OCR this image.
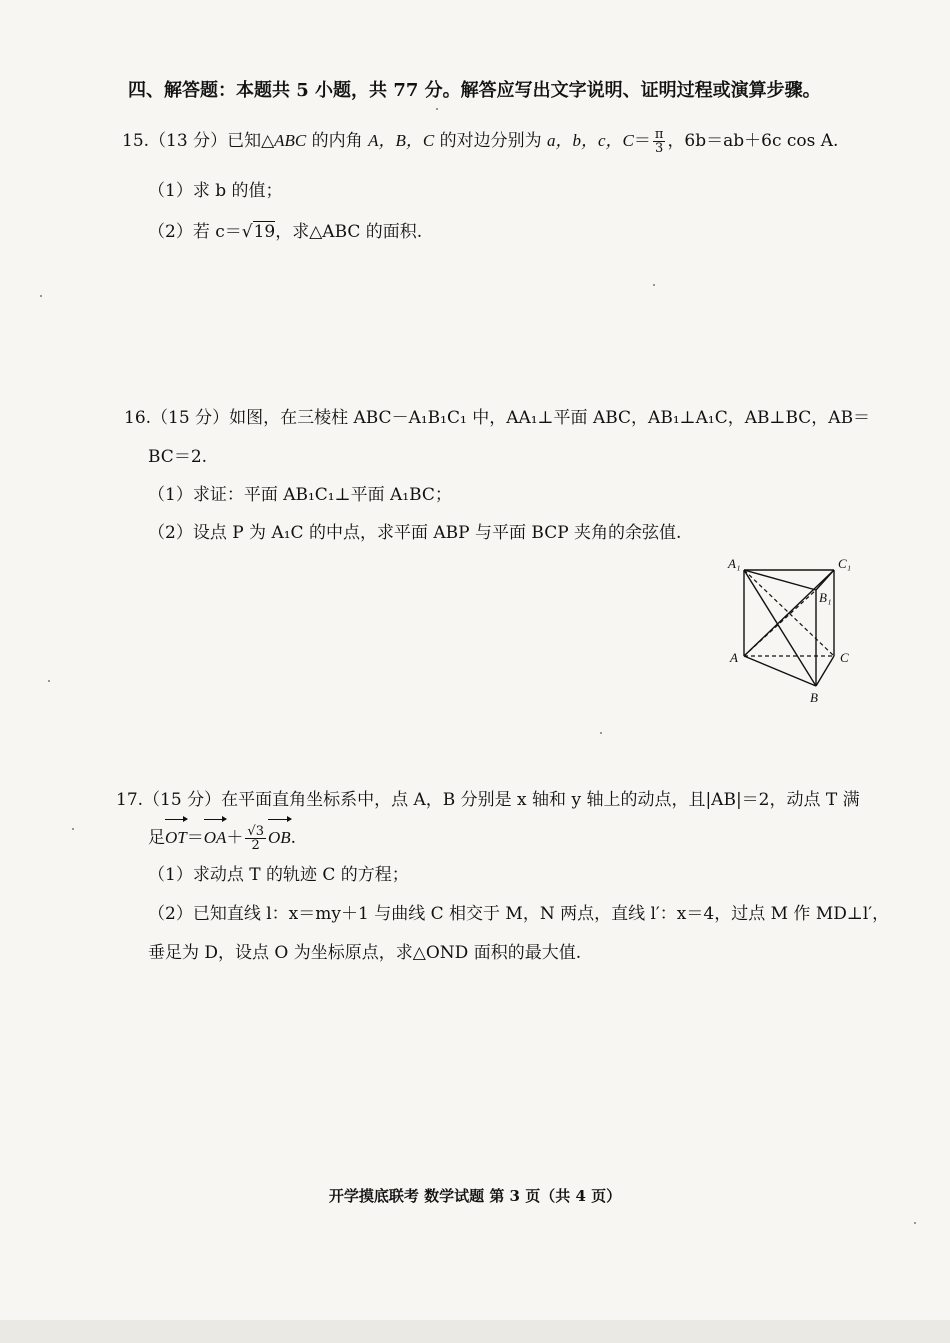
四、解答题：本题共 5 小题，共 77 分。解答应写出文字说明、证明过程或演算步骤。
15.（13 分）已知△ABC 的内角 A，B，C 的对边分别为 a，b，c，$C= \frac{\pi}{3}$ ，6b＝ab＋6c cos A.
（1）求 b 的值；
（2）若 c＝√19，求△ABC 的面积.
16.（15 分）如图，在三棱柱 ABC－A₁B₁C₁ 中，AA₁⊥平面 ABC，AB₁⊥A₁C，AB⊥BC，AB＝
BC＝2.
（1）求证：平面 AB₁C₁⊥平面 A₁BC；
（2）设点 P 为 A₁C 的中点，求平面 ABP 与平面 BCP 夹角的余弦值.
A₁	C₁
B₁
A	C
B
17.（15 分）在平面直角坐标系中，点 A，B 分别是 x 轴和 y 轴上的动点，且|AB|＝2，动点 T 满
足$OT=OA+ \frac{√3}{2}$ OB.
（1）求动点 T 的轨迹 C 的方程；
（2）已知直线 l：x＝my＋1 与曲线 C 相交于 M，N 两点，直线 l′：x＝4，过点 M 作 MD⊥l′，
垂足为 D，设点 O 为坐标原点，求△OND 面积的最大值.
开学摸底联考 数学试题 第 3 页（共 4 页）
